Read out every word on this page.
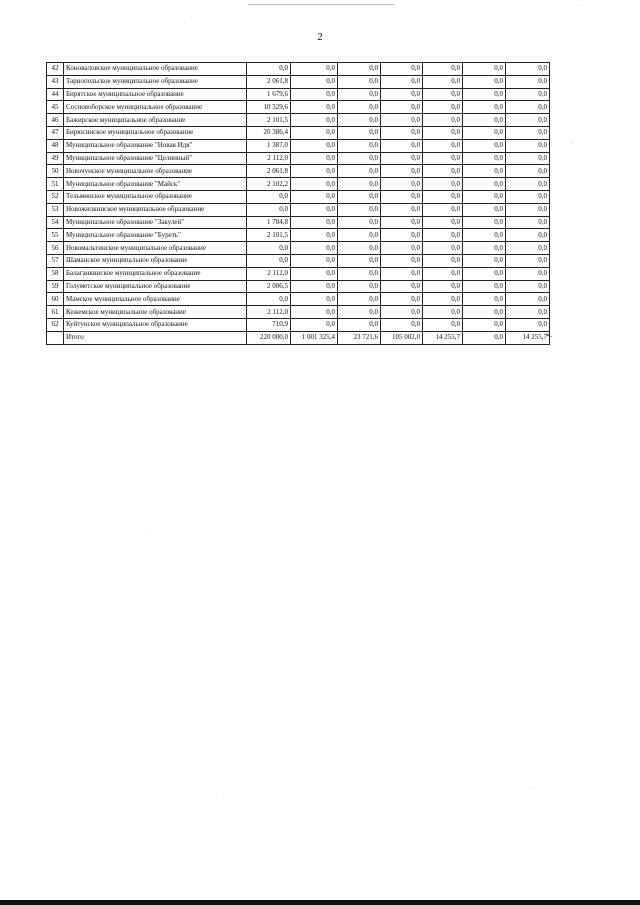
·
·
·
·
·
·
2
42	Коноваловское муниципальное образование	0,0	0,0	0,0	0,0	0,0	0,0	0,0
43	Тарнопольское муниципальное образование	2 061,8	0,0	0,0	0,0	0,0	0,0	0,0
44	Бирятское муниципальное образование	1 679,6	0,0	0,0	0,0	0,0	0,0	0,0
45	Сосновоборское муниципальное образование	10 329,6	0,0	0,0	0,0	0,0	0,0	0,0
46	Бажирское муниципальное образование	2 101,5	0,0	0,0	0,0	0,0	0,0	0,0
47	Бирюсинское муниципальное образование	20 386,4	0,0	0,0	0,0	0,0	0,0	0,0
48	Муниципальное образование "Новая Идя"	1 387,0	0,0	0,0	0,0	0,0	0,0	0,0
49	Муниципальное образование "Целинный"	2 112,0	0,0	0,0	0,0	0,0	0,0	0,0
50	Новочунское муниципальное образование	2 061,8	0,0	0,0	0,0	0,0	0,0	0,0
51	Муниципальное образование "Майск"	2 102,2	0,0	0,0	0,0	0,0	0,0	0,0
52	Тельминское муниципальное образование	0,0	0,0	0,0	0,0	0,0	0,0	0,0
53	Новожилкинское муниципальное образование	0,0	0,0	0,0	0,0	0,0	0,0	0,0
54	Муниципальное образование "Закулей"	1 784,8	0,0	0,0	0,0	0,0	0,0	0,0
55	Муниципальное образование "Буреть"	2 101,5	0,0	0,0	0,0	0,0	0,0	0,0
56	Новомальтинское муниципальное образование	0,0	0,0	0,0	0,0	0,0	0,0	0,0
57	Шаманское муниципальное образование	0,0	0,0	0,0	0,0	0,0	0,0	0,0
58	Балаганкинское муниципальное образование	2 112,0	0,0	0,0	0,0	0,0	0,0	0,0
59	Голуметское муниципальное образование	2 006,5	0,0	0,0	0,0	0,0	0,0	0,0
60	Мамское муниципальное образование	0,0	0,0	0,0	0,0	0,0	0,0	0,0
61	Кежемское муниципальное образование	2 112,0	0,0	0,0	0,0	0,0	0,0	0,0
62	Куйтунское муниципальное образование	710,9	0,0	0,0	0,0	0,0	0,0	0,0
	Итого	220 000,0	1 001 325,4	23 721,6	105 002,0	14 255,7	0,0	14 255,7 ».
